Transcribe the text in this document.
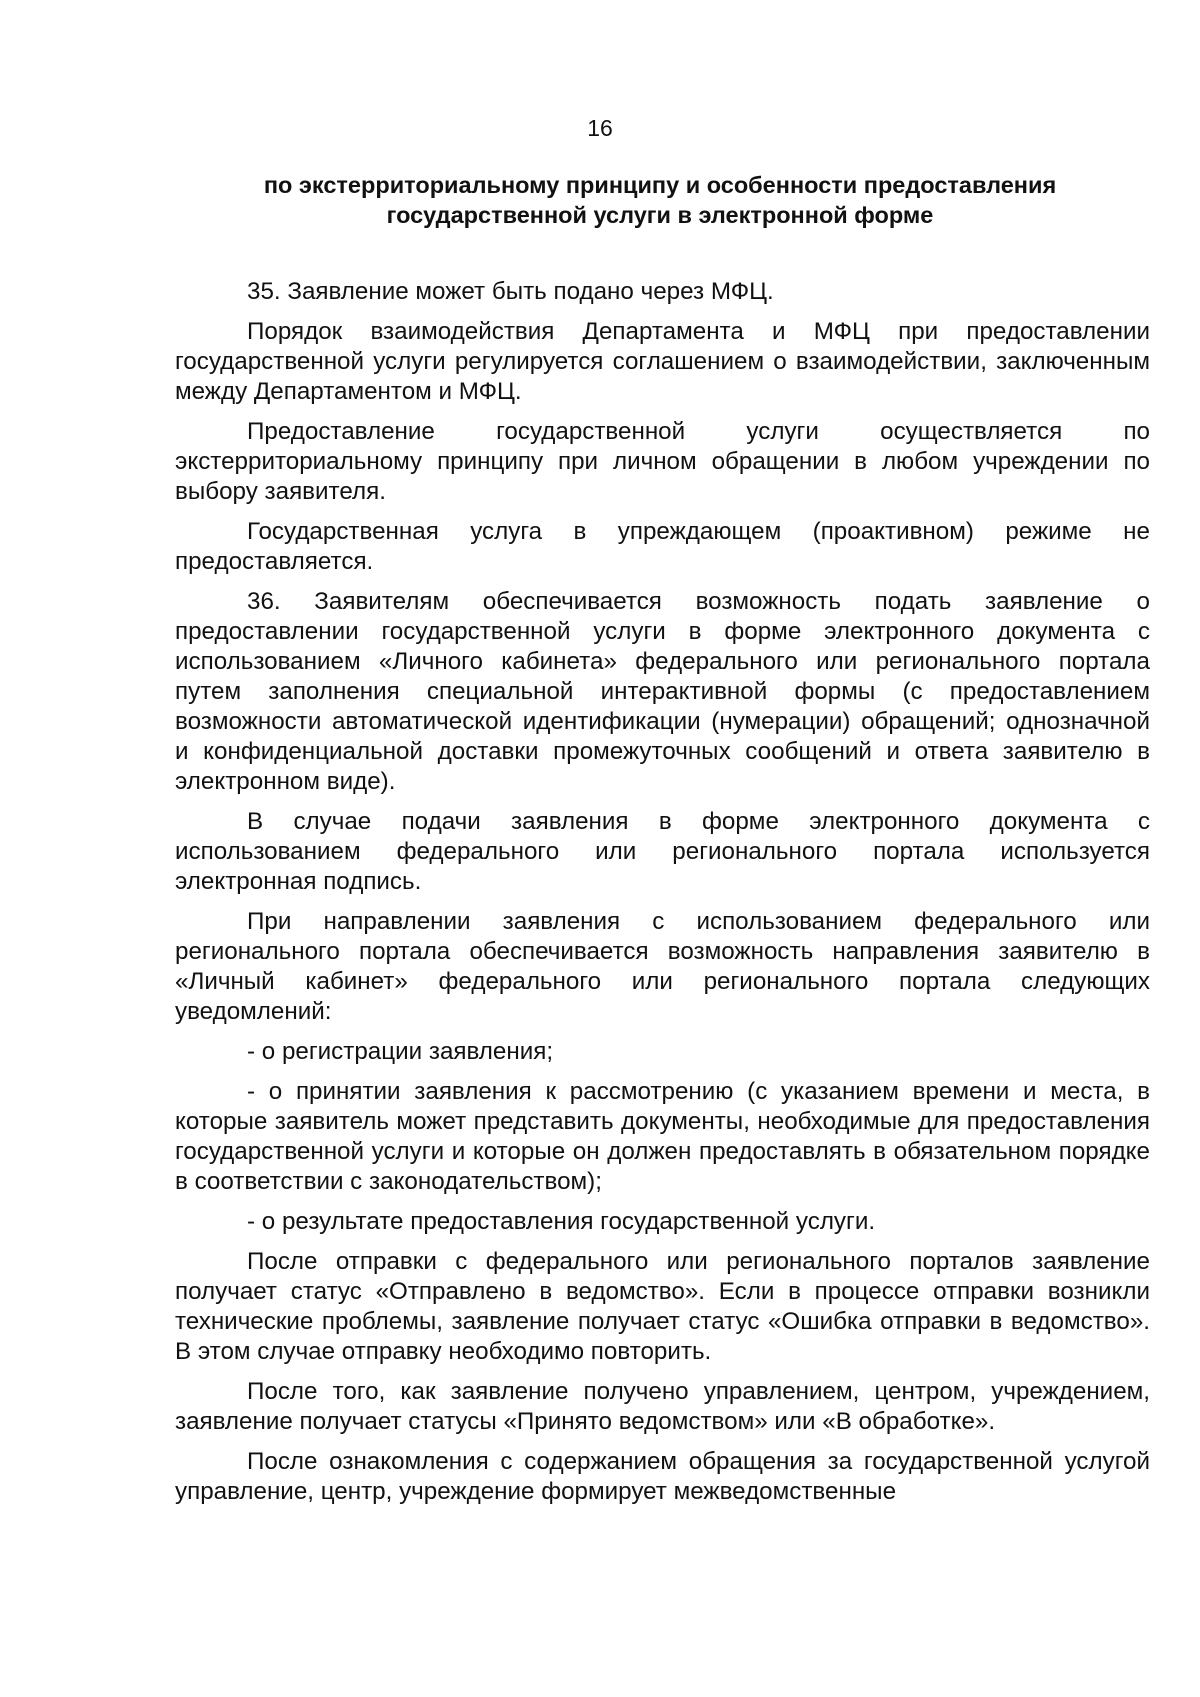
16
по экстерриториальному принципу и особенности предоставления
государственной услуги в электронной форме

35. Заявление может быть подано через МФЦ.

Порядок взаимодействия Департамента и МФЦ при предоставлении государственной услуги регулируется соглашением о взаимодействии, заключенным между Департаментом и МФЦ.

Предоставление государственной услуги осуществляется по экстерриториальному принципу при личном обращении в любом учреждении по выбору заявителя.

Государственная услуга в упреждающем (проактивном) режиме не предоставляется.

36. Заявителям обеспечивается возможность подать заявление о предоставлении государственной услуги в форме электронного документа с использованием «Личного кабинета» федерального или регионального портала путем заполнения специальной интерактивной формы (с предоставлением возможности автоматической идентификации (нумерации) обращений; однозначной и конфиденциальной доставки промежуточных сообщений и ответа заявителю в электронном виде).

В случае подачи заявления в форме электронного документа с использованием федерального или регионального портала используется электронная подпись.

При направлении заявления с использованием федерального или регионального портала обеспечивается возможность направления заявителю в «Личный кабинет» федерального или регионального портала следующих уведомлений:

- о регистрации заявления;

- о принятии заявления к рассмотрению (с указанием времени и места, в которые заявитель может представить документы, необходимые для предоставления государственной услуги и которые он должен предоставлять в обязательном порядке в соответствии с законодательством);

- о результате предоставления государственной услуги.

После отправки с федерального или регионального порталов заявление получает статус «Отправлено в ведомство». Если в процессе отправки возникли технические проблемы, заявление получает статус «Ошибка отправки в ведомство». В этом случае отправку необходимо повторить.

После того, как заявление получено управлением, центром, учреждением, заявление получает статусы «Принято ведомством» или «В обработке».

После ознакомления с содержанием обращения за государственной услугой управление, центр, учреждение формирует межведомственные
